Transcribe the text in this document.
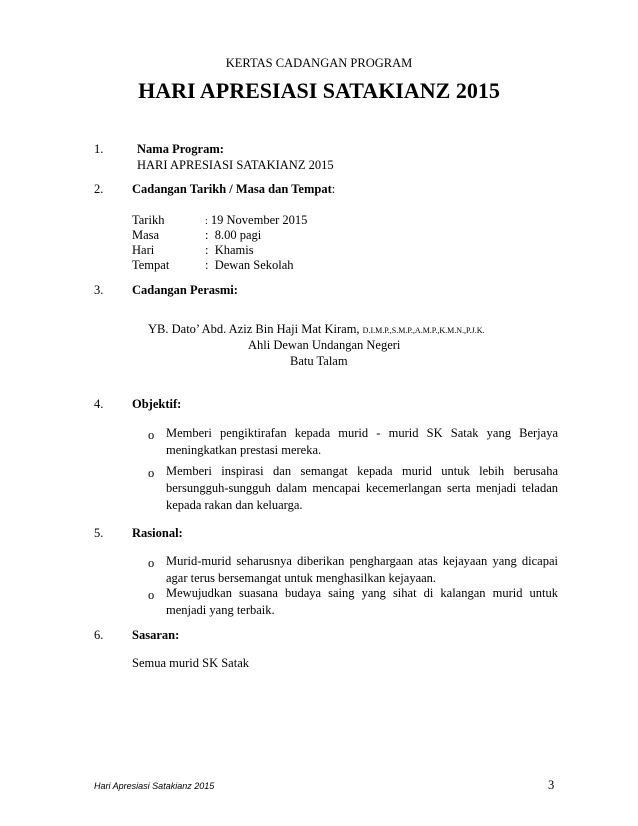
KERTAS CADANGAN PROGRAM
HARI APRESIASI SATAKIANZ 2015
1.	Nama Program:
HARI APRESIASI SATAKIANZ 2015
2. Cadangan Tarikh / Masa dan Tempat:
Tarikh	: 19 November 2015
Masa	: 8.00 pagi
Hari	: Khamis
Tempat	: Dewan Sekolah
3. Cadangan Perasmi:
YB. Dato’ Abd. Aziz Bin Haji Mat Kiram, D.I.M.P.,S.M.P.,A.M.P.,K.M.N.,P.J.K.
Ahli Dewan Undangan Negeri
Batu Talam
4. Objektif:
o Memberi pengiktirafan kepada murid - murid SK Satak yang Berjaya meningkatkan prestasi mereka.
o Memberi inspirasi dan semangat kepada murid untuk lebih berusaha bersungguh-sungguh dalam mencapai kecemerlangan serta menjadi teladan kepada rakan dan keluarga.
5. Rasional:
o Murid-murid seharusnya diberikan penghargaan atas kejayaan yang dicapai agar terus bersemangat untuk menghasilkan kejayaan.
o Mewujudkan suasana budaya saing yang sihat di kalangan murid untuk menjadi yang terbaik.
6. Sasaran:
Semua murid SK Satak
Hari Apresiasi Satakianz 2015	3
